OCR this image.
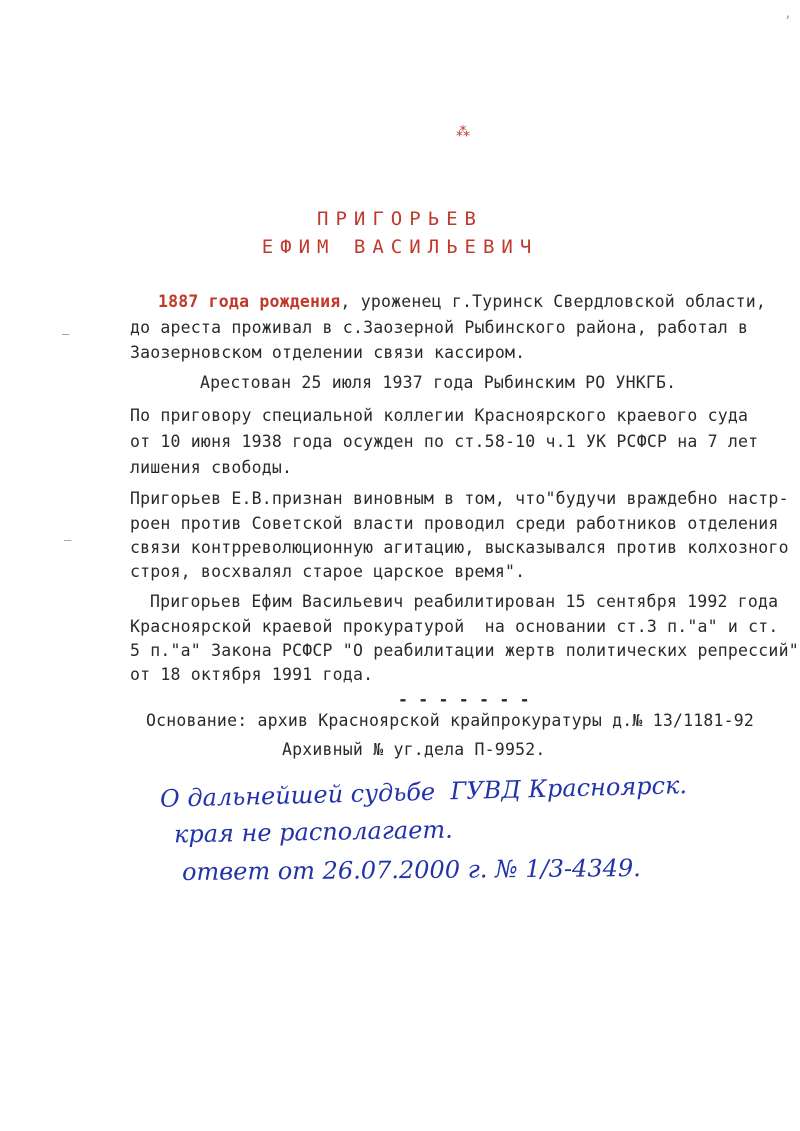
⁂
–
–
’
ПРИГОРЬЕВ
ЕФИМ ВАСИЛЬЕВИЧ
1887 года рождения, уроженец г.Туринск Свердловской области,
до ареста проживал в с.Заозерной Рыбинского района, работал в
Заозерновском отделении связи кассиром.
Арестован 25 июля 1937 года Рыбинским РО УНКГБ.
По приговору специальной коллегии Красноярского краевого суда
от 10 июня 1938 года осужден по ст.58-10 ч.1 УК РСФСР на 7 лет
лишения свободы.
Пригорьев Е.В.признан виновным в том, что"будучи враждебно настр-
роен против Советской власти проводил среди работников отделения
связи контрреволюционную агитацию, высказывался против колхозного
строя, восхвалял старое царское время".
Пригорьев Ефим Васильевич реабилитирован 15 сентября 1992 года
Красноярской краевой прокуратурой  на основании ст.3 п."а" и ст.
5 п."а" Закона РСФСР "О реабилитации жертв политических репрессий"
от 18 октября 1991 года.
- - - - - - -
Основание: архив Красноярской крайпрокуратуры д.№ 13/1181-92
Архивный № уг.дела П-9952.
О дальнейшей судьбе  ГУВД Красноярск.
края не располагает.
ответ от 26.07.2000 г. № 1/3-4349.
